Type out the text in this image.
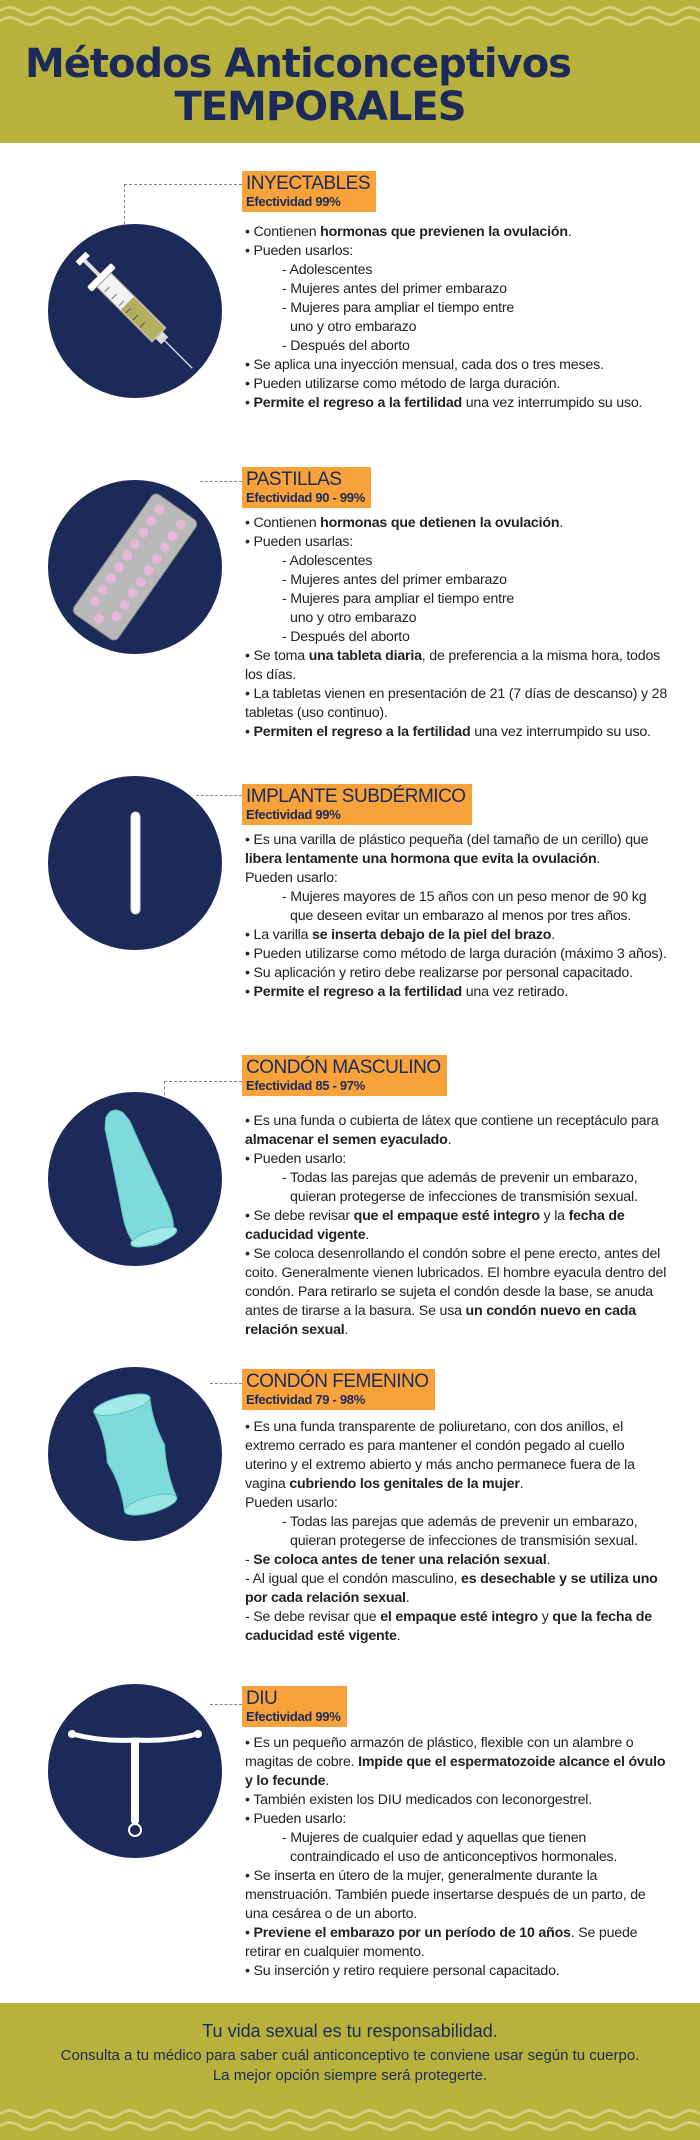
Métodos Anticonceptivos
TEMPORALES
INYECTABLES
Efectividad 99%

• Contienen hormonas que previenen la ovulación.

• Pueden usarlos:

- Adolescentes

- Mujeres antes del primer embarazo

- Mujeres para ampliar el tiempo entre

uno y otro embarazo

- Después del aborto

• Se aplica una inyección mensual, cada dos o tres meses.

• Pueden utilizarse como método de larga duración.

• Permite el regreso a la fertilidad una vez interrumpido su uso.

PASTILLAS
Efectividad 90 - 99%

• Contienen hormonas que detienen la ovulación.

• Pueden usarlas:

- Adolescentes

- Mujeres antes del primer embarazo

- Mujeres para ampliar el tiempo entre

uno y otro embarazo

- Después del aborto

• Se toma una tableta diaria, de preferencia a la misma hora, todos los días.

• La tabletas vienen en presentación de 21 (7 días de descanso) y 28 tabletas (uso continuo).

• Permiten el regreso a la fertilidad una vez interrumpido su uso.

IMPLANTE SUBDÉRMICO
Efectividad 99%

• Es una varilla de plástico pequeña (del tamaño de un cerillo) que libera lentamente una hormona que evita la ovulación.

Pueden usarlo:

- Mujeres mayores de 15 años con un peso menor de 90 kg

que deseen evitar un embarazo al menos por tres años.

• La varilla se inserta debajo de la piel del brazo.

• Pueden utilizarse como método de larga duración (máximo 3 años).

• Su aplicación y retiro debe realizarse por personal capacitado.

• Permite el regreso a la fertilidad una vez retirado.

CONDÓN MASCULINO
Efectividad 85 - 97%

• Es una funda o cubierta de látex que contiene un receptáculo para almacenar el semen eyaculado.

• Pueden usarlo:

- Todas las parejas que además de prevenir un embarazo,

quieran protegerse de infecciones de transmisión sexual.

• Se debe revisar que el empaque esté integro y la fecha de caducidad vigente.

• Se coloca desenrollando el condón sobre el pene erecto, antes del coito. Generalmente vienen lubricados. El hombre eyacula dentro del condón. Para retirarlo se sujeta el condón desde la base, se anuda antes de tirarse a la basura. Se usa un condón nuevo en cada relación sexual.

CONDÓN FEMENINO
Efectividad 79 - 98%

• Es una funda transparente de poliuretano, con dos anillos, el extremo cerrado es para mantener el condón pegado al cuello uterino y el extremo abierto y más ancho permanece fuera de la vagina cubriendo los genitales de la mujer.

Pueden usarlo:

- Todas las parejas que además de prevenir un embarazo,

quieran protegerse de infecciones de transmisión sexual.

- Se coloca antes de tener una relación sexual.

- Al igual que el condón masculino, es desechable y se utiliza uno por cada relación sexual.

- Se debe revisar que el empaque esté integro y que la fecha de caducidad esté vigente.

DIU
Efectividad 99%

• Es un pequeño armazón de plástico, flexible con un alambre o magitas de cobre. Impide que el espermatozoide alcance el óvulo y lo fecunde.

• También existen los DIU medicados con leconorgestrel.

• Pueden usarlo:

- Mujeres de cualquier edad y aquellas que tienen

contraindicado el uso de anticonceptivos hormonales.

• Se inserta en útero de la mujer, generalmente durante la menstruación. También puede insertarse después de un parto, de una cesárea o de un aborto.

• Previene el embarazo por un período de 10 años. Se puede retirar en cualquier momento.

• Su inserción y retiro requiere personal capacitado.

Tu vida sexual es tu responsabilidad.
Consulta a tu médico para saber cuál anticonceptivo te conviene usar según tu cuerpo.
La mejor opción siempre será protegerte.
